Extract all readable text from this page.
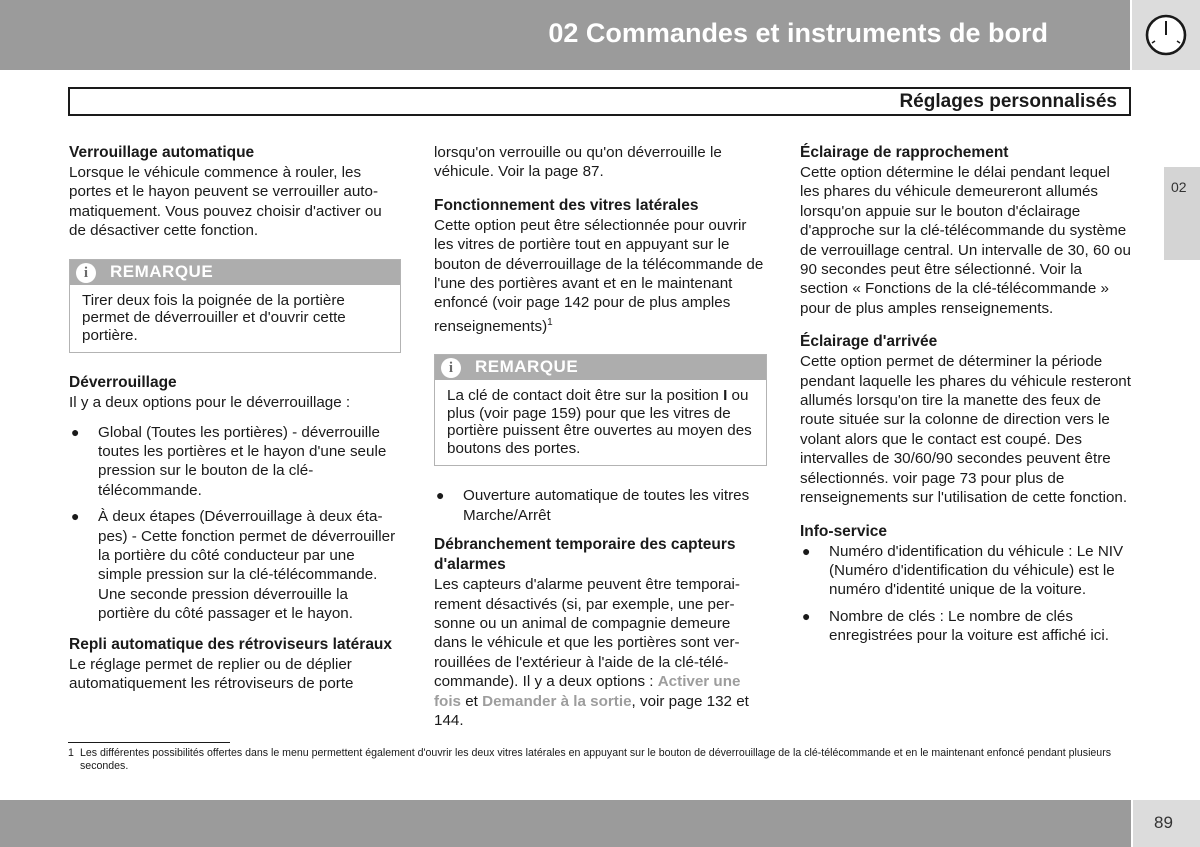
02 Commandes et instruments de bord
Réglages personnalisés
02
Verrouillage automatique

Lorsque le véhicule commence à rouler, les portes et le hayon peuvent se verrouiller automatiquement. Vous pouvez choisir d'activer ou de désactiver cette fonction.

i	REMARQUE
Tirer deux fois la poignée de la portière permet de déverrouiller et d'ouvrir cette portière.
Déverrouillage

Il y a deux options pour le déverrouillage :

● Global (Toutes les portières) - déverrouille toutes les portières et le hayon d'une seule pression sur le bouton de la clé-télécommande.
● À deux étapes (Déverrouillage à deux étapes) - Cette fonction permet de déverrouiller la portière du côté conducteur par une simple pression sur la clé-télécommande. Une seconde pression déverrouille la portière du côté passager et le hayon.
Repli automatique des rétroviseurs latéraux

Le réglage permet de replier ou de déplier automatiquement les rétroviseurs de porte

lorsqu'on verrouille ou qu'on déverrouille le véhicule. Voir la page 87.

Fonctionnement des vitres latérales

Cette option peut être sélectionnée pour ouvrir les vitres de portière tout en appuyant sur le bouton de déverrouillage de la télécommande de l'une des portières avant et en le maintenant enfoncé (voir page 142 pour de plus amples renseignements)$^1$

i	REMARQUE
La clé de contact doit être sur la position I ou plus (voir page 159) pour que les vitres de portière puissent être ouvertes au moyen des boutons des portes.
● Ouverture automatique de toutes les vitres Marche/Arrêt
Débranchement temporaire des capteurs d'alarmes

Les capteurs d'alarme peuvent être temporairement désactivés (si, par exemple, une personne ou un animal de compagnie demeure dans le véhicule et que les portières sont verrouillées de l'extérieur à l'aide de la clé-télécommande). Il y a deux options : Activer une fois et Demander à la sortie, voir page 132 et 144.

Éclairage de rapprochement

Cette option détermine le délai pendant lequel les phares du véhicule demeureront allumés lorsqu'on appuie sur le bouton d'éclairage d'approche sur la clé-télécommande du système de verrouillage central. Un intervalle de 30, 60 ou 90 secondes peut être sélectionné. Voir la section « Fonctions de la clé-télécommande » pour de plus amples renseignements.

Éclairage d'arrivée

Cette option permet de déterminer la période pendant laquelle les phares du véhicule resteront allumés lorsqu'on tire la manette des feux de route située sur la colonne de direction vers le volant alors que le contact est coupé. Des intervalles de 30/60/90 secondes peuvent être sélectionnés. voir page 73 pour plus de renseignements sur l'utilisation de cette fonction.

Info-service
● Numéro d'identification du véhicule : Le NIV (Numéro d'identification du véhicule) est le numéro d'identité unique de la voiture.
● Nombre de clés : Le nombre de clés enregistrées pour la voiture est affiché ici.
1 Les différentes possibilités offertes dans le menu permettent également d'ouvrir les deux vitres latérales en appuyant sur le bouton de déverrouillage de la clé-télécommande et en le maintenant enfoncé pendant plusieurs secondes.
89
